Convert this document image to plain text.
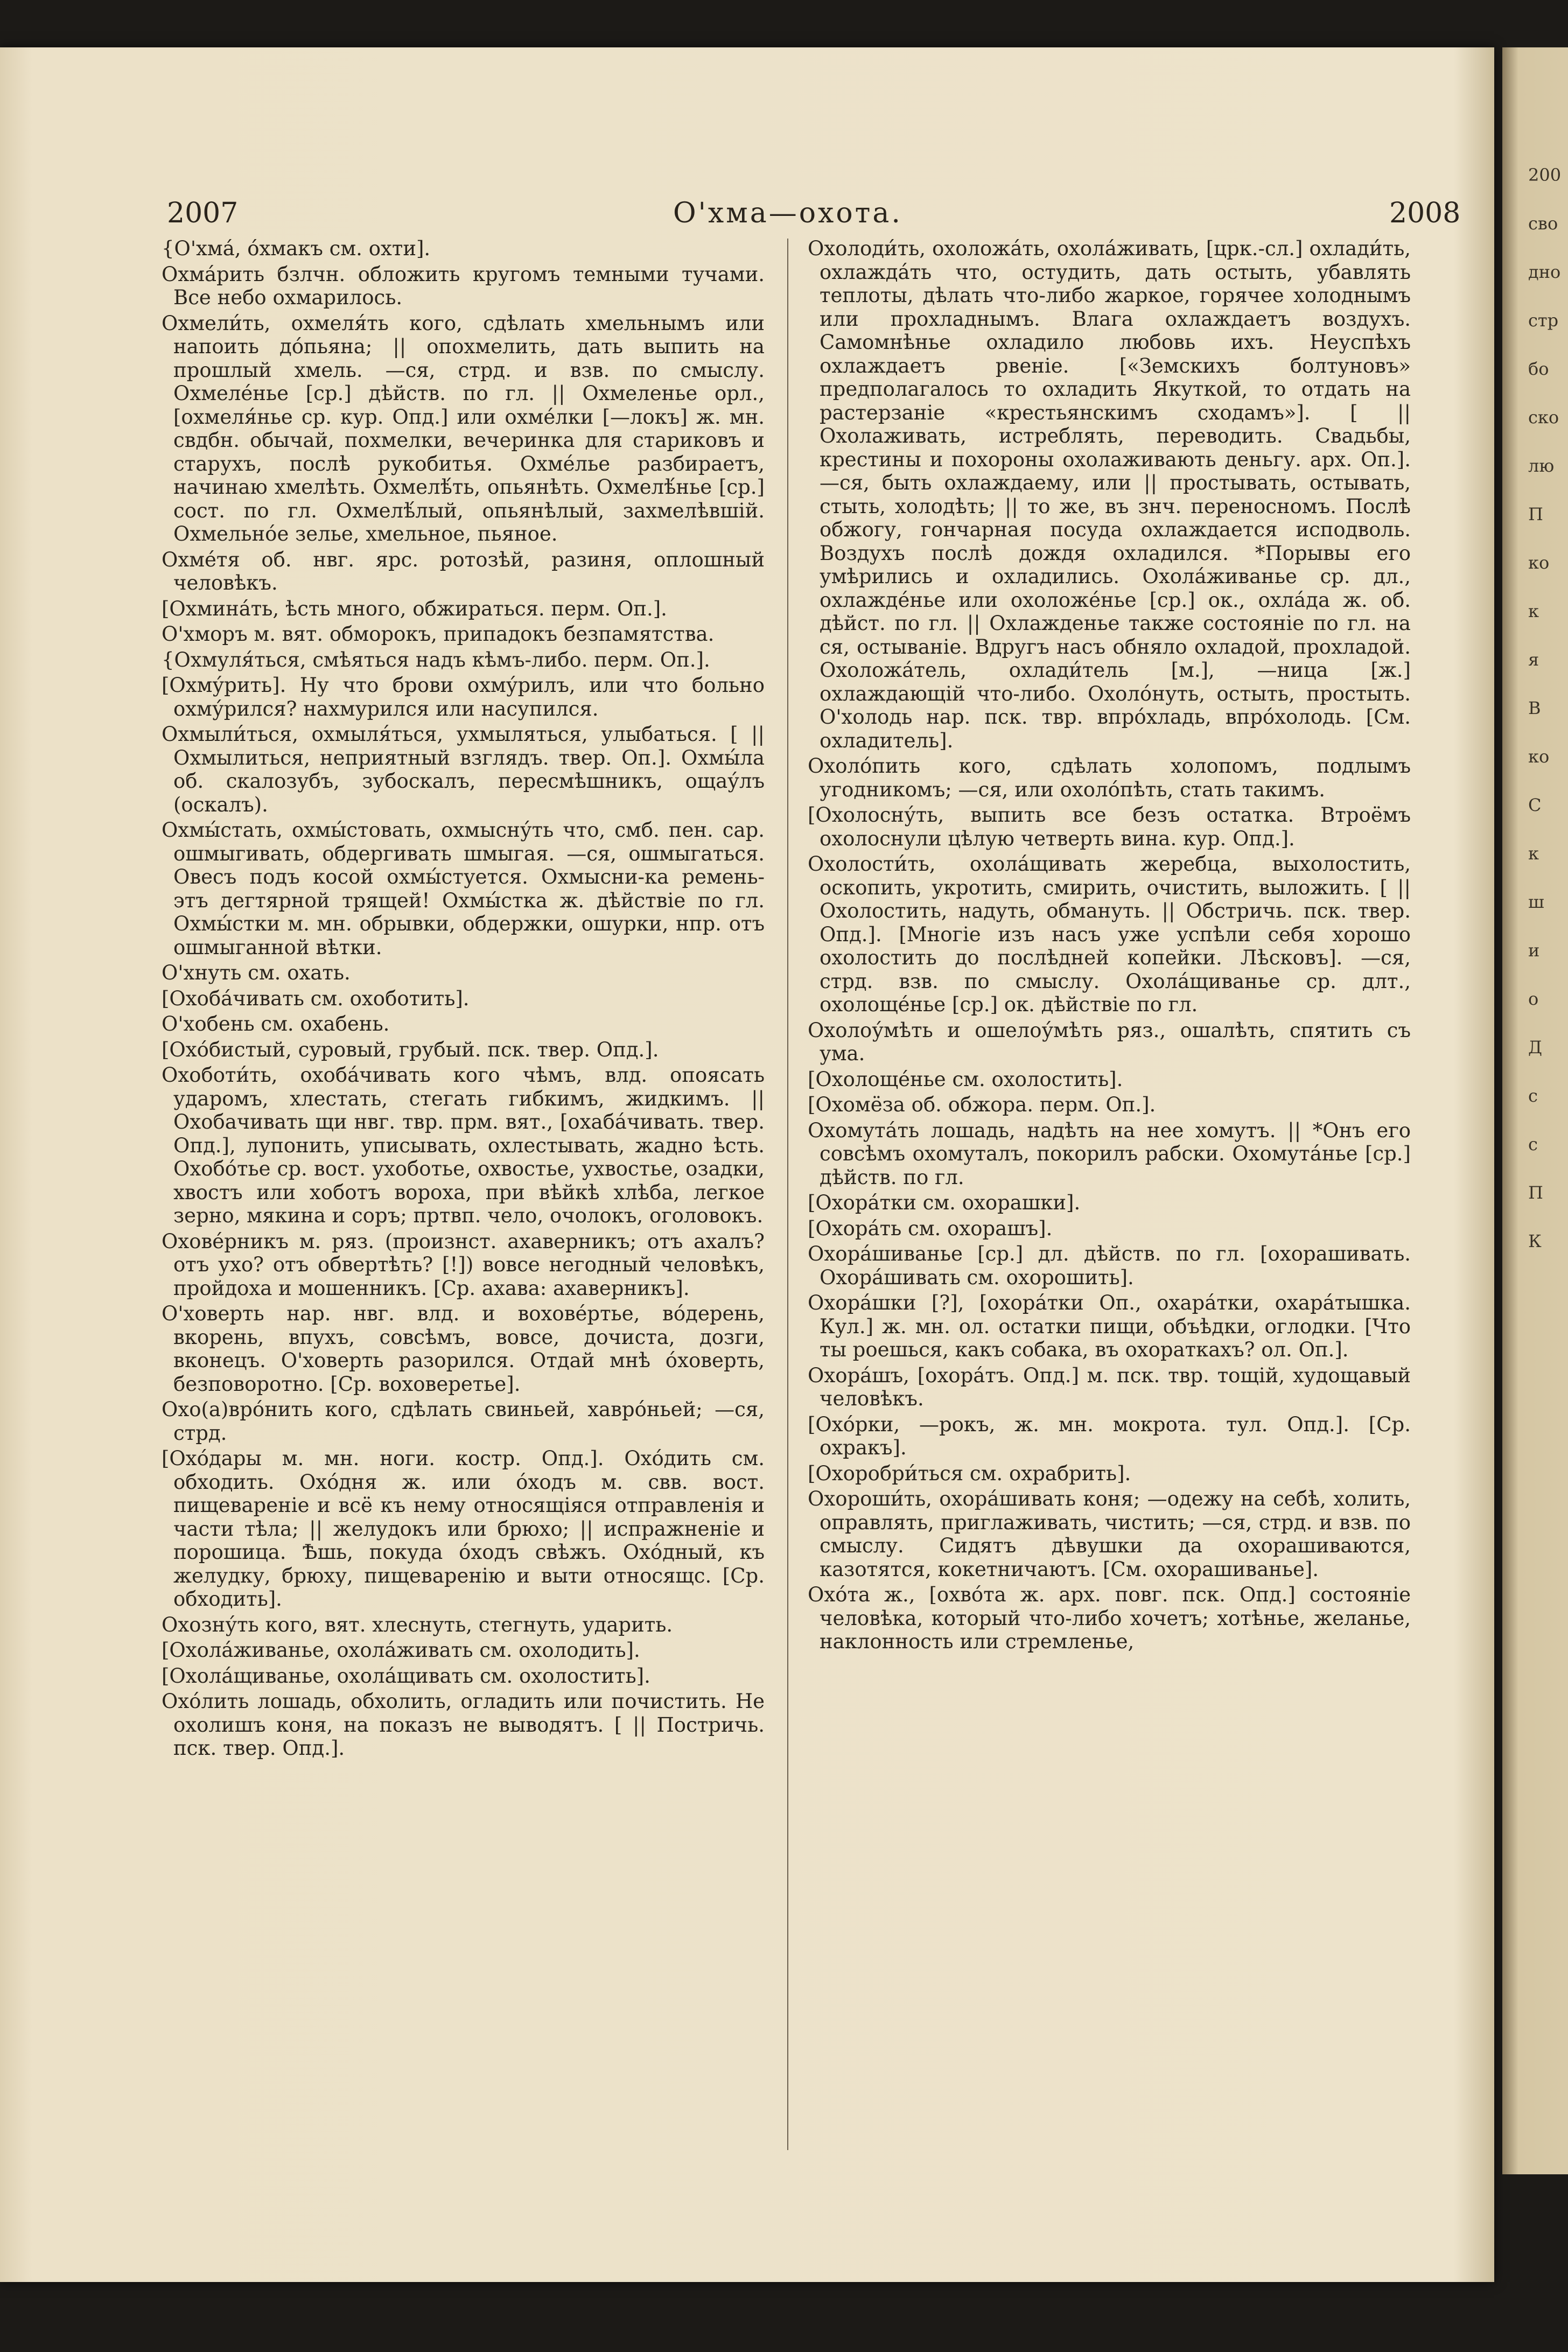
2007	О'хма—охота.	2008

{О'хма́, о́хмакъ см. охти].

Охма́рить бзлчн. обложить кругомъ темными тучами. Все небо охмарилось.

Охмели́ть, охмеля́ть кого, сдѣлать хмельнымъ или напоить до́пьяна; || опохмелить, дать выпить на прошлый хмель. —ся, стрд. и взв. по смыслу. Охмеле́нье [ср.] дѣйств. по гл. || Охмеленье орл., [охмеля́нье ср. кур. Опд.] или охме́лки [—локъ] ж. мн. свдбн. обычай, похмелки, вечеринка для стариковъ и старухъ, послѣ рукобитья. Охме́лье разбираетъ, начинаю хмелѣть. Охмелѣ́ть, опьянѣть. Охмелѣ́нье [ср.] сост. по гл. Охмелѣ́лый, опьянѣлый, захмелѣвшій. Охмельно́е зелье, хмельное, пьяное.

Охме́тя об. нвг. ярс. ротозѣй, разиня, оплошный человѣкъ.

[Охмина́ть, ѣсть много, обжираться. перм. Оп.].

О'хморъ м. вят. обморокъ, припадокъ безпамятства.

{Охмуля́ться, смѣяться надъ кѣмъ-либо. перм. Оп.].

[Охму́рить]. Ну что брови охму́рилъ, или что больно охму́рился? нахмурился или насупился.

Охмыли́ться, охмыля́ться, ухмыляться, улыбаться. [ || Охмылиться, неприятный взглядъ. твер. Оп.]. Охмы́ла об. скалозубъ, зубоскалъ, пересмѣшникъ, ощау́лъ (оскалъ).

Охмы́стать, охмы́стовать, охмысну́ть что, смб. пен. сар. ошмыгивать, обдергивать шмыгая. —ся, ошмыгаться. Овесъ подъ косой охмы́стуется. Охмысни-ка ремень-этъ дегтярной трящей! Охмы́стка ж. дѣйствіе по гл. Охмы́стки м. мн. обрывки, обдержки, ошурки, нпр. отъ ошмыганной вѣтки.

О'хнуть см. охать.

[Охоба́чивать см. охоботить].

О'хобень см. охабень.

[Охо́бистый, суровый, грубый. пск. твер. Опд.].

Охоботи́ть, охоба́чивать кого чѣмъ, влд. опоясать ударомъ, хлестать, стегать гибкимъ, жидкимъ. || Охобачивать щи нвг. твр. прм. вят., [охаба́чивать. твер. Опд.], лупонить, уписывать, охлестывать, жадно ѣсть. Охобо́тье ср. вост. ухоботье, охвостье, ухвостье, озадки, хвостъ или хоботъ вороха, при вѣйкѣ хлѣба, легкое зерно, мякина и соръ; пртвп. чело, очолокъ, оголовокъ.

Охове́рникъ м. ряз. (произнст. ахаверникъ; отъ ахалъ? отъ ухо? отъ обвертѣть? [!]) вовсе негодный человѣкъ, пройдоха и мошенникъ. [Ср. ахава: ахаверникъ].

О'ховерть нар. нвг. влд. и вохове́ртье, во́дерень, вкорень, впухъ, совсѣмъ, вовсе, дочиста, дозги, вконецъ. О'ховерть разорился. Отдай мнѣ о́ховерть, безповоротно. [Ср. воховеретье].

Охо(а)вро́нить кого, сдѣлать свиньей, хавро́ньей; —ся, стрд.

[Охо́дары м. мн. ноги. костр. Опд.]. Охо́дить см. обходить. Охо́дня ж. или о́ходъ м. свв. вост. пищевареніе и всё къ нему относящіяся отправленія и части тѣла; || желудокъ или брюхо; || испражненіе и порошица. Ѣшь, покуда о́ходъ свѣжъ. Охо́дный, къ желудку, брюху, пищеваренію и выти относящс. [Ср. обходить].

Охозну́ть кого, вят. хлеснуть, стегнуть, ударить.

[Охола́живанье, охола́живать см. охолодить].

[Охола́щиванье, охола́щивать см. охолостить].

Охо́лить лошадь, обхолить, огладить или почистить. Не охолишъ коня, на показъ не выводятъ. [ || Постричь. пск. твер. Опд.].

Охолоди́ть, охоложа́ть, охола́живать, [црк.-сл.] охлади́ть, охлажда́ть что, остудить, дать остыть, убавлять теплоты, дѣлать что-либо жаркое, горячее холоднымъ или прохладнымъ. Влага охлаждаетъ воздухъ. Самомнѣнье охладило любовь ихъ. Неуспѣхъ охлаждаетъ рвеніе. [«Земскихъ болтуновъ» предполагалось то охладить Якуткой, то отдать на растерзаніе «крестьянскимъ сходамъ»]. [ || Охолаживать, истреблять, переводить. Свадьбы, крестины и похороны охолаживають деньгу. арх. Оп.]. —ся, быть охлаждаему, или || простывать, остывать, стыть, холодѣть; || то же, въ знч. переносномъ. Послѣ обжогу, гончарная посуда охлаждается исподволь. Воздухъ послѣ дождя охладился. *Порывы его умѣрились и охладились. Охола́живанье ср. дл., охлажде́нье или охоложе́нье [ср.] ок., охла́да ж. об. дѣйст. по гл. || Охлажденье также состояніе по гл. на ся, остываніе. Вдругъ насъ обняло охладой, прохладой. Охоложа́тель, охлади́тель [м.], —ница [ж.] охлаждающій что-либо. Охоло́нуть, остыть, простыть. О'холодь нар. пск. твр. впро́хладь, впро́холодь. [См. охладитель].

Охоло́пить кого, сдѣлать холопомъ, подлымъ угодникомъ; —ся, или охоло́пѣть, стать такимъ.

[Охолосну́ть, выпить все безъ остатка. Втроёмъ охолоснули цѣлую четверть вина. кур. Опд.].

Охолости́ть, охола́щивать жеребца, выхолостить, оскопить, укротить, смирить, очистить, выложить. [ || Охолостить, надуть, обмануть. || Обстричь. пск. твер. Опд.]. [Многіе изъ насъ уже успѣли себя хорошо охолостить до послѣдней копейки. Лѣсковъ]. —ся, стрд. взв. по смыслу. Охола́щиванье ср. длт., охолоще́нье [ср.] ок. дѣйствіе по гл.

Охолоу́мѣть и ошелоу́мѣть ряз., ошалѣть, спятить съ ума.

[Охолоще́нье см. охолостить].

[Охомёза об. обжора. перм. Оп.].

Охомута́ть лошадь, надѣть на нее хомутъ. || *Онъ его совсѣмъ охомуталъ, покорилъ рабски. Охомута́нье [ср.] дѣйств. по гл.

[Охора́тки см. охорашки].

[Охора́ть см. охорашъ].

Охора́шиванье [ср.] дл. дѣйств. по гл. [охорашивать. Охора́шивать см. охорошить].

Охора́шки [?], [охора́тки Оп., охара́тки, охара́тышка. Кул.] ж. мн. ол. остатки пищи, объѣдки, оглодки. [Что ты роешься, какъ собака, въ охораткахъ? ол. Оп.].

Охора́шъ, [охора́тъ. Опд.] м. пск. твр. тощій, худощавый человѣкъ.

[Охо́рки, —рокъ, ж. мн. мокрота. тул. Опд.]. [Ср. охракъ].

[Охоробри́ться см. охрабрить].

Охороши́ть, охора́шивать коня; —одежу на себѣ, холить, оправлять, приглаживать, чистить; —ся, стрд. и взв. по смыслу. Сидятъ дѣвушки да охорашиваются, казотятся, кокетничаютъ. [См. охорашиванье].

Охо́та ж., [охво́та ж. арх. повг. пск. Опд.] состояніе человѣка, который что-либо хочетъ; хотѣнье, желанье, наклонность или стремленье,

200
сво
дно
стр
бо
ско
лю
П
ко
к
я
В
ко
С
к
ш
и
о
Д
с
с
П
К
